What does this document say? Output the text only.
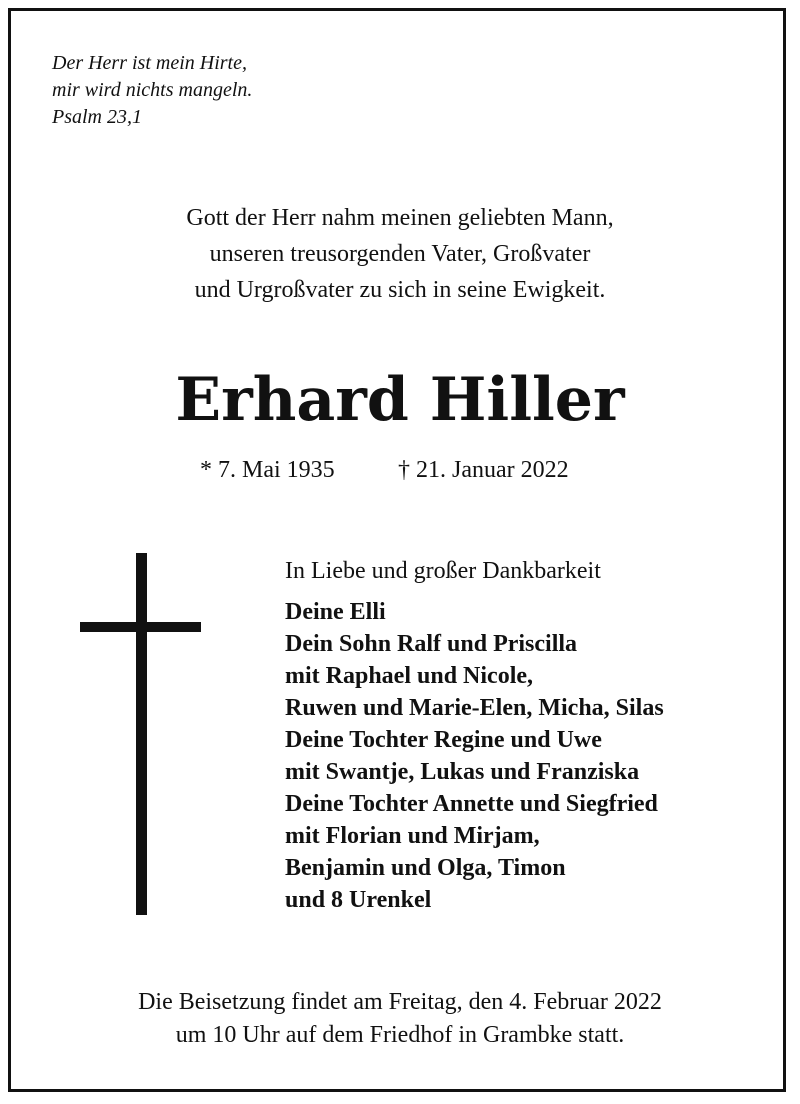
Der Herr ist mein Hirte,
mir wird nichts mangeln.
Psalm 23,1
Gott der Herr nahm meinen geliebten Mann,
unseren treusorgenden Vater, Großvater
und Urgroßvater zu sich in seine Ewigkeit.
Erhard Hiller
* 7. Mai 1935	† 21. Januar 2022
In Liebe und großer Dankbarkeit
Deine Elli
Dein Sohn Ralf und Priscilla
mit Raphael und Nicole,
Ruwen und Marie-Elen, Micha, Silas
Deine Tochter Regine und Uwe
mit Swantje, Lukas und Franziska
Deine Tochter Annette und Siegfried
mit Florian und Mirjam,
Benjamin und Olga, Timon
und 8 Urenkel
Die Beisetzung findet am Freitag, den 4. Februar 2022
um 10 Uhr auf dem Friedhof in Grambke statt.
